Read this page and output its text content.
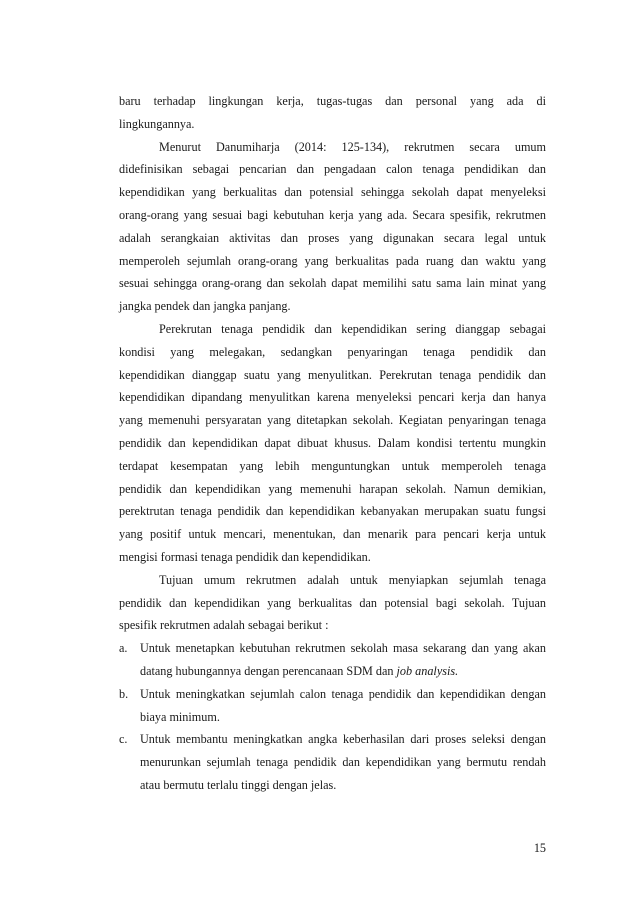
baru terhadap lingkungan kerja, tugas-tugas dan personal yang ada di
lingkungannya.
Menurut Danumiharja (2014: 125-134), rekrutmen secara umum
didefinisikan sebagai pencarian dan pengadaan calon tenaga pendidikan dan
kependidikan yang berkualitas dan potensial sehingga sekolah dapat menyeleksi
orang-orang yang sesuai bagi kebutuhan kerja yang ada. Secara spesifik, rekrutmen
adalah serangkaian aktivitas dan proses yang digunakan secara legal untuk
memperoleh sejumlah orang-orang yang berkualitas pada ruang dan waktu yang
sesuai sehingga orang-orang dan sekolah dapat memilihi satu sama lain minat yang
jangka pendek dan jangka panjang.
Perekrutan tenaga pendidik dan kependidikan sering dianggap sebagai
kondisi yang melegakan, sedangkan penyaringan tenaga pendidik dan
kependidikan dianggap suatu yang menyulitkan. Perekrutan tenaga pendidik dan
kependidikan dipandang menyulitkan karena menyeleksi pencari kerja dan hanya
yang memenuhi persyaratan yang ditetapkan sekolah. Kegiatan penyaringan tenaga
pendidik dan kependidikan dapat dibuat khusus. Dalam kondisi tertentu mungkin
terdapat kesempatan yang lebih menguntungkan untuk memperoleh tenaga
pendidik dan kependidikan yang memenuhi harapan sekolah. Namun demikian,
perektrutan tenaga pendidik dan kependidikan kebanyakan merupakan suatu fungsi
yang positif untuk mencari, menentukan, dan menarik para pencari kerja untuk
mengisi formasi tenaga pendidik dan kependidikan.
Tujuan umum rekrutmen adalah untuk menyiapkan sejumlah tenaga
pendidik dan kependidikan yang berkualitas dan potensial bagi sekolah. Tujuan
spesifik rekrutmen adalah sebagai berikut :
a. Untuk menetapkan kebutuhan rekrutmen sekolah masa sekarang dan yang akan
datang hubungannya dengan perencanaan SDM dan job analysis.
b. Untuk meningkatkan sejumlah calon tenaga pendidik dan kependidikan dengan
biaya minimum.
c. Untuk membantu meningkatkan angka keberhasilan dari proses seleksi dengan
menurunkan sejumlah tenaga pendidik dan kependidikan yang bermutu rendah
atau bermutu terlalu tinggi dengan jelas.
15
